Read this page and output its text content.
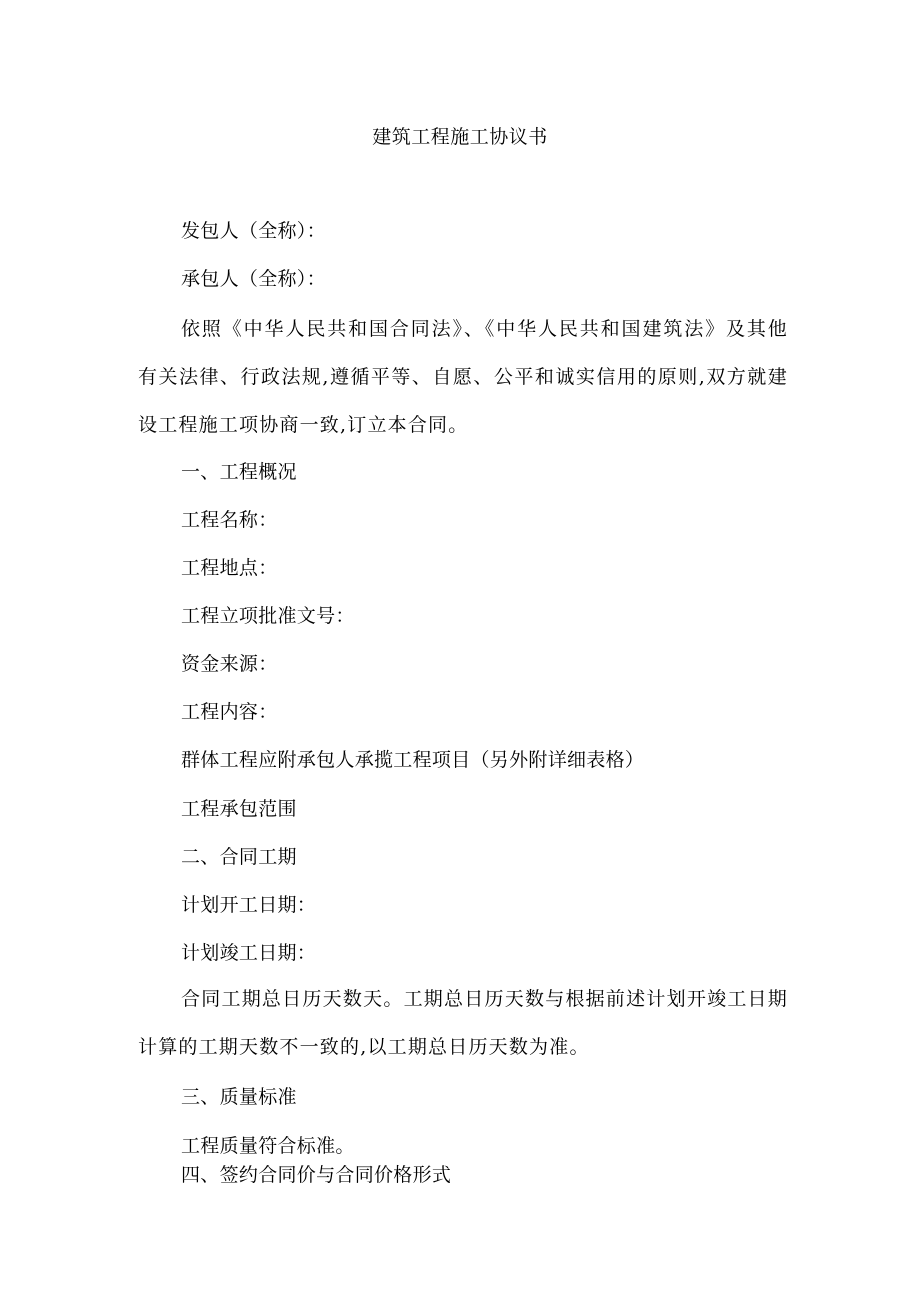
建筑工程施工协议书
发包人（全称）：
承包人（全称）：
依照《中华人民共和国合同法》、《中华人民共和国建筑法》及其他有关法律、行政法规,遵循平等、自愿、公平和诚实信用的原则,双方就建设工程施工项协商一致,订立本合同。
一、工程概况
工程名称：
工程地点：
工程立项批准文号：
资金来源：
工程内容：
群体工程应附承包人承揽工程项目（另外附详细表格）
工程承包范围
二、合同工期
计划开工日期：
计划竣工日期：
合同工期总日历天数天。工期总日历天数与根据前述计划开竣工日期计算的工期天数不一致的,以工期总日历天数为准。
三、质量标准
工程质量符合标准。
四、签约合同价与合同价格形式
